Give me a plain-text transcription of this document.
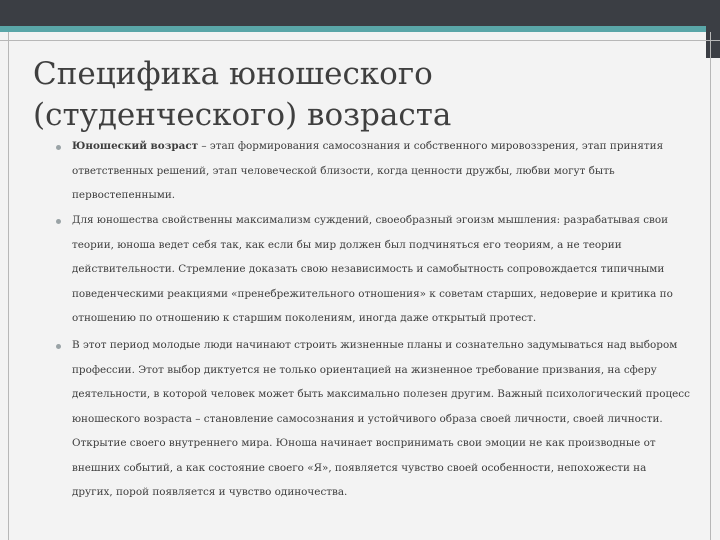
Специфика юношеского
(студенческого) возраста
Юношеский возраст – этап формирования самосознания и собственного мировоззрения, этап принятия ответственных решений, этап человеческой близости, когда ценности дружбы, любви могут быть первостепенными.
Для юношества свойственны максимализм суждений, своеобразный эгоизм мышления: разрабатывая свои теории, юноша ведет себя так, как если бы мир должен был подчиняться его теориям, а не теории действительности. Стремление доказать свою независимость и самобытность сопровождается типичными поведенческими реакциями «пренебрежительного отношения» к советам старших, недоверие и критика по отношению по отношению к старшим поколениям, иногда даже открытый протест.
В этот период молодые люди начинают строить жизненные планы и сознательно задумываться над выбором профессии. Этот выбор диктуется не только ориентацией на жизненное требование призвания, на сферу деятельности, в которой человек может быть максимально полезен другим. Важный психологический процесс юношеского возраста – становление самосознания и устойчивого образа своей личности, своей личности. Открытие своего внутреннего мира. Юноша начинает воспринимать свои эмоции не как производные от внешних событий, а как состояние своего «Я», появляется чувство своей особенности, непохожести на других, порой появляется и чувство одиночества.
